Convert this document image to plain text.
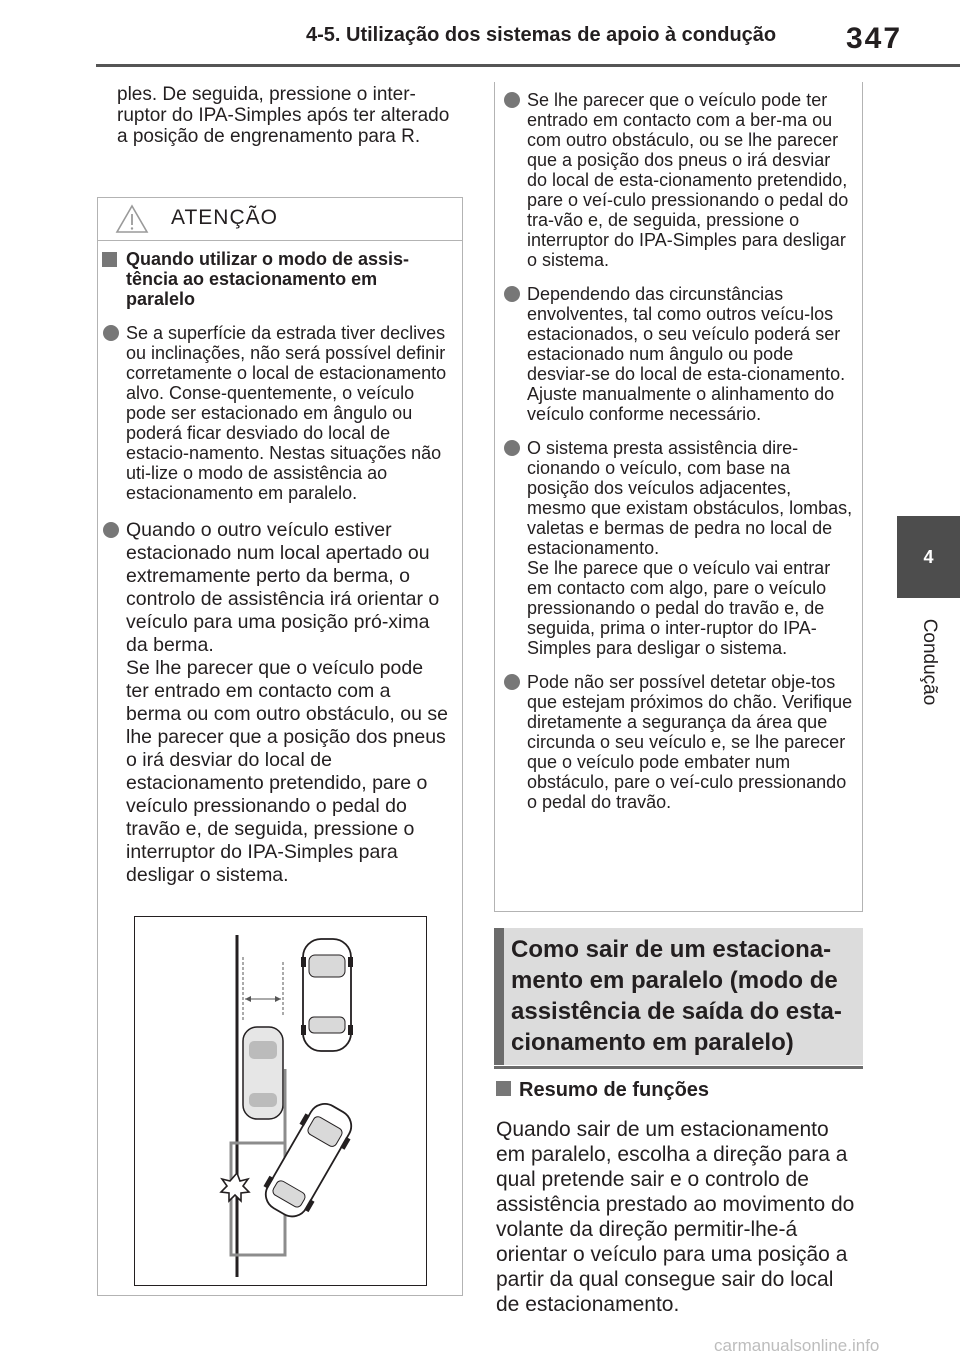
4-5. Utilização dos sistemas de apoio à condução 347
4
Condução
ples. De seguida, pressione o inter-ruptor do IPA-Simples após ter alterado a posição de engrenamento para R.
ATENÇÃO
Quando utilizar o modo de assis-tência ao estacionamento em paralelo
Se a superfície da estrada tiver declives ou inclinações, não será possível definir corretamente o local de estacionamento alvo. Conse-quentemente, o veículo pode ser estacionado em ângulo ou poderá ficar desviado do local de estacio-namento. Nestas situações não uti-lize o modo de assistência ao estacionamento em paralelo.

Quando o outro veículo estiver estacionado num local apertado ou extremamente perto da berma, o controlo de assistência irá orientar o veículo para uma posição pró-xima da berma.

Se lhe parecer que o veículo pode ter entrado em contacto com a berma ou com outro obstáculo, ou se lhe parecer que a posição dos pneus o irá desviar do local de estacionamento pretendido, pare o veículo pressionando o pedal do travão e, de seguida, pressione o interruptor do IPA-Simples para desligar o sistema.

Se lhe parecer que o veículo pode ter entrado em contacto com a ber-ma ou com outro obstáculo, ou se lhe parecer que a posição dos pneus o irá desviar do local de esta-cionamento pretendido, pare o veí-culo pressionando o pedal do tra-vão e, de seguida, pressione o interruptor do IPA-Simples para desligar o sistema.
Dependendo das circunstâncias envolventes, tal como outros veícu-los estacionados, o seu veículo poderá ser estacionado num ângulo ou pode desviar-se do local de esta-cionamento. Ajuste manualmente o alinhamento do veículo conforme necessário.
O sistema presta assistência dire-cionando o veículo, com base na posição dos veículos adjacentes, mesmo que existam obstáculos, lombas, valetas e bermas de pedra no local de estacionamento.
Se lhe parece que o veículo vai entrar em contacto com algo, pare o veículo pressionando o pedal do travão e, de seguida, prima o inter-ruptor do IPA-Simples para desligar o sistema.
Pode não ser possível detetar obje-tos que estejam próximos do chão. Verifique diretamente a segurança da área que circunda o seu veículo e, se lhe parecer que o veículo pode embater num obstáculo, pare o veí-culo pressionando o pedal do travão.
Como sair de um estaciona-mento em paralelo (modo de assistência de saída do esta-cionamento em paralelo)
Resumo de funções
Quando sair de um estacionamento em paralelo, escolha a direção para a qual pretende sair e o controlo de assistência prestado ao movimento do volante da direção permitir-lhe-á orientar o veículo para uma posição a partir da qual consegue sair do local de estacionamento.
carmanualsonline.info
